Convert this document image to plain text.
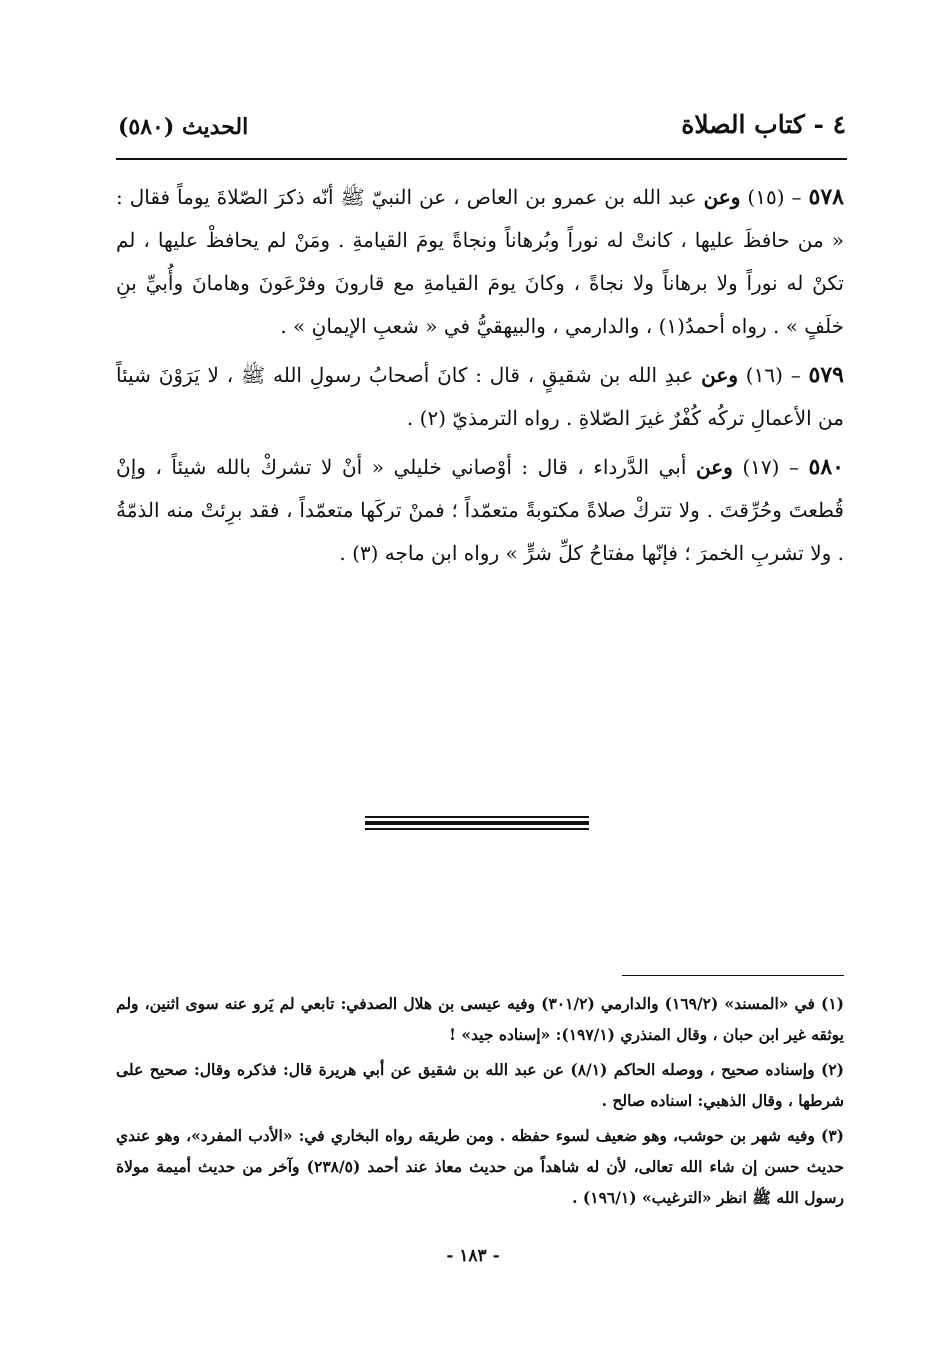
٤ - كتاب الصلاة
الحديث (٥٨٠)

٥٧٨ – (١٥) وعن عبد الله بن عمرو بن العاص ، عن النبيّ ﷺ أنّه ذكرَ الصّلاةَ يوماً فقال : « من حافظَ عليها ، كانتْ له نوراً وبُرهاناً ونجاةً يومَ القيامةِ . ومَنْ لم يحافظْ عليها ، لم تكنْ له نوراً ولا برهاناً ولا نجاةً ، وكانَ يومَ القيامةِ مع قارونَ وفرْعَونَ وهامانَ وأُبيِّ بنِ خلَفٍ » . رواه أحمدُ(١) ، والدارمي ، والبيهقيُّ في « شعبِ الإيمانِ » .

٥٧٩ – (١٦) وعن عبدِ الله بن شقيقٍ ، قال : كانَ أصحابُ رسولِ الله ﷺ ، لا يَرَوْنَ شيئاً من الأعمالِ تركُه كُفْرٌ غيرَ الصّلاةِ . رواه الترمذيّ (٢) .

٥٨٠ – (١٧) وعن أبي الدَّرداء ، قال : أوْصاني خليلي « أنْ لا تشركْ بالله شيئاً ، وإنْ قُطعتَ وحُرِّقتَ . ولا تتركْ صلاةً مكتوبةً متعمّداً ؛ فمنْ تركَها متعمّداً ، فقد برِئتْ منه الذمّةُ . ولا تشربِ الخمرَ ؛ فإنّها مفتاحُ كلِّ شرٍّ » رواه ابن ماجه (٣) .

(١) في «المسند» (١٦٩/٢) والدارمي (٣٠١/٢) وفيه عيسى بن هلال الصدفي: تابعي لم يَرو عنه سوى اثنين، ولم يوثقه غير ابن حبان ، وقال المنذري (١٩٧/١): «إسناده جيد» !

(٢) وإسناده صحيح ، ووصله الحاكم (٨/١) عن عبد الله بن شقيق عن أبي هريرة قال: فذكره وقال: صحيح على شرطها ، وقال الذهبي: اسناده صالح .

(٣) وفيه شهر بن حوشب، وهو ضعيف لسوء حفظه . ومن طريقه رواه البخاري في: «الأدب المفرد»، وهو عندي حديث حسن إن شاء الله تعالى، لأن له شاهداً من حديث معاذ عند أحمد (٢٣٨/٥) وآخر من حديث أميمة مولاة رسول الله ﷺ انظر «الترغيب» (١٩٦/١) .

- ١٨٣ -
